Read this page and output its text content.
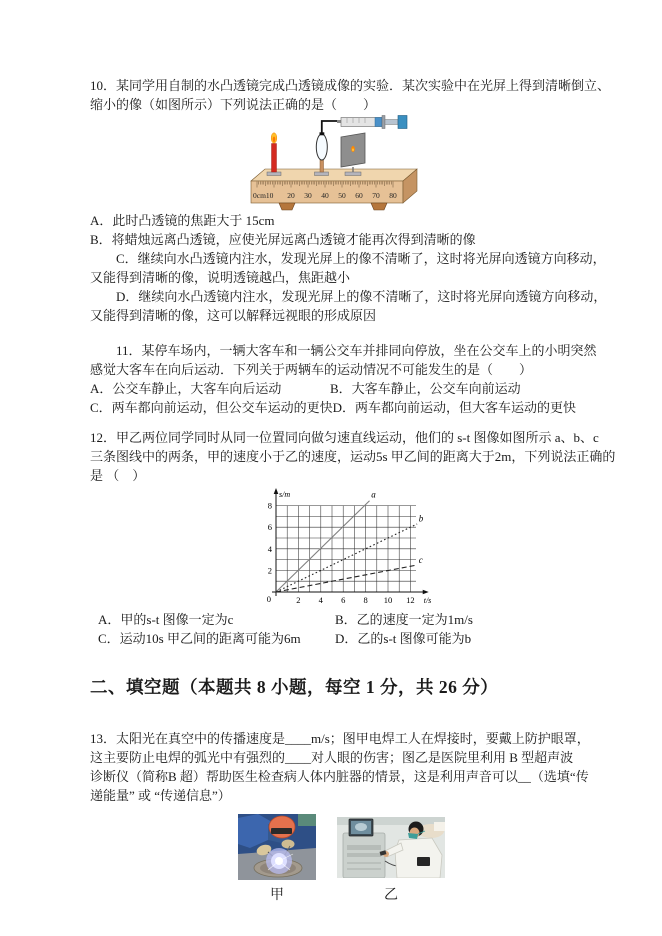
10．某同学用自制的水凸透镜完成凸透镜成像的实验．某次实验中在光屏上得到清晰倒立、
缩小的像（如图所示）下列说法正确的是（　　）
0cm10 20 30 40 50 60 70 80
A．此时凸透镜的焦距大于 15cm
B．将蜡烛远离凸透镜，应使光屏远离凸透镜才能再次得到清晰的像
　　C．继续向水凸透镜内注水，发现光屏上的像不清晰了，这时将光屏向透镜方向移动，
又能得到清晰的像，说明透镜越凸，焦距越小
　　D．继续向水凸透镜内注水，发现光屏上的像不清晰了，这时将光屏向透镜方向移动，
又能得到清晰的像，这可以解释远视眼的形成原因
　　11．某停车场内，一辆大客车和一辆公交车并排同向停放，坐在公交车上的小明突然
感觉大客车在向后运动．下列关于两辆车的运动情况不可能发生的是（　　）
A．公交车静止，大客车向后运动	B．大客车静止，公交车向前运动
C．两车都向前运动，但公交车运动的更快D．两车都向前运动，但大客车运动的更快
12．甲乙两位同学同时从同一位置同向做匀速直线运动，他们的 s-t 图像如图所示 a、b、c
三条图线中的两条，甲的速度小于乙的速度，运动5s 甲乙间的距离大于2m，下列说法正确的
是 （　）
2
4
6
8
2 4 6 8 10 12
0
s/m
t/s
a
b
c
A．甲的s-t 图像一定为c	B．乙的速度一定为1m/s
C．运动10s 甲乙间的距离可能为6m	D．乙的s-t 图像可能为b
二、填空题（本题共 8 小题，每空 1 分，共 26 分）
13．太阳光在真空中的传播速度是____m/s；图甲电焊工人在焊接时，要戴上防护眼罩，
这主要防止电焊的弧光中有强烈的____对人眼的伤害；图乙是医院里利用 B 型超声波
诊断仪（简称B 超）帮助医生检查病人体内脏器的情景，这是利用声音可以__（选填“传
递能量” 或 “传递信息”）
甲	乙
